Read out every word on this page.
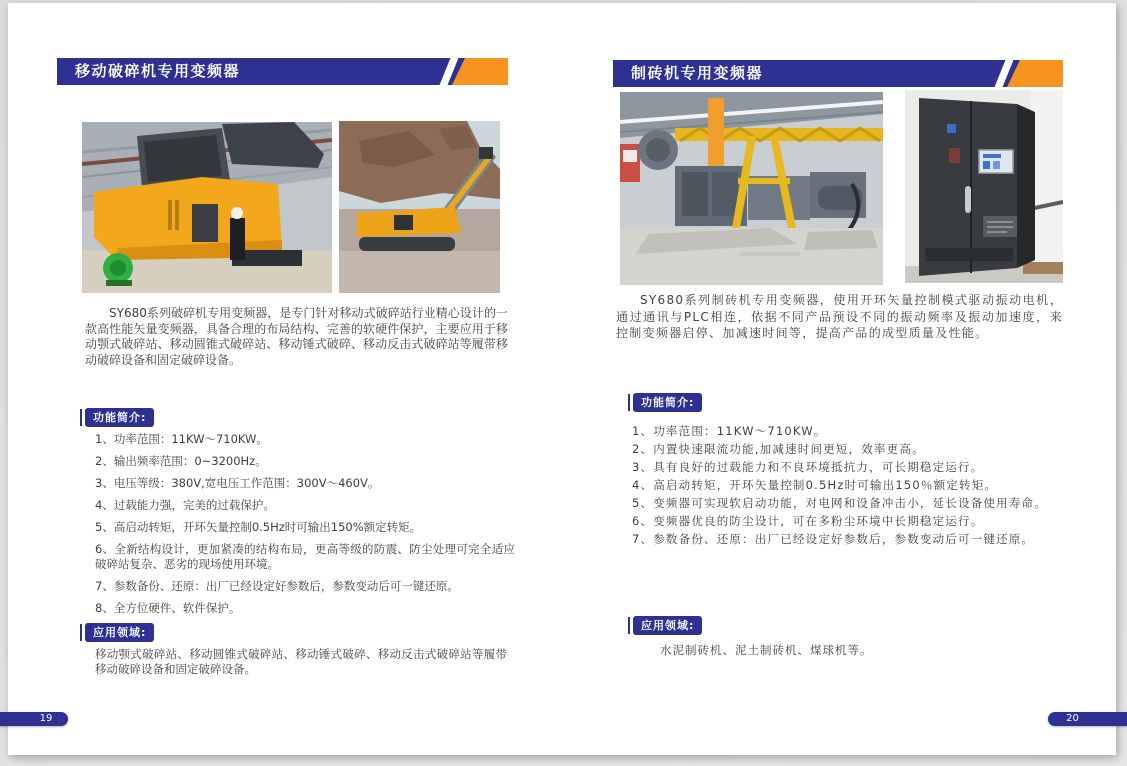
移动破碎机专用变频器
SY680系列破碎机专用变频器，是专门针对移动式破碎站行业精心设计的一款高性能矢量变频器，具备合理的布局结构、完善的软硬件保护，主要应用于移动颚式破碎站、移动圆锥式破碎站、移动锤式破碎、移动反击式破碎站等履带移动破碎设备和固定破碎设备。
功能简介:
1、功率范围：11KW～710KW。
2、输出频率范围：0~3200Hz。
3、电压等级：380V,宽电压工作范围：300V～460V。
4、过载能力强，完美的过载保护。
5、高启动转矩，开环矢量控制0.5Hz时可输出150%额定转矩。
6、全新结构设计，更加紧凑的结构布局，更高等级的防震、防尘处理可完全适应破碎站复杂、恶劣的现场使用环境。
7、参数备份、还原：出厂已经设定好参数后，参数变动后可一键还原。
8、全方位硬件、软件保护。
应用领域:
移动颚式破碎站、移动圆锥式破碎站、移动锤式破碎、移动反击式破碎站等履带移动破碎设备和固定破碎设备。
19
制砖机专用变频器
SY680系列制砖机专用变频器，使用开环矢量控制模式驱动振动电机，通过通讯与PLC相连，依据不同产品预设不同的振动频率及振动加速度，来控制变频器启停、加减速时间等，提高产品的成型质量及性能。
功能简介:
1、功率范围：11KW～710KW。
2、内置快速限流功能,加减速时间更短，效率更高。
3、具有良好的过载能力和不良环境抵抗力，可长期稳定运行。
4、高启动转矩，开环矢量控制0.5Hz时可输出150％额定转矩。
5、变频器可实现软启动功能，对电网和设备冲击小，延长设备使用寿命。
6、变频器优良的防尘设计，可在多粉尘环境中长期稳定运行。
7、参数备份、还原：出厂已经设定好参数后，参数变动后可一键还原。
应用领域:
水泥制砖机、泥土制砖机、煤球机等。
20
